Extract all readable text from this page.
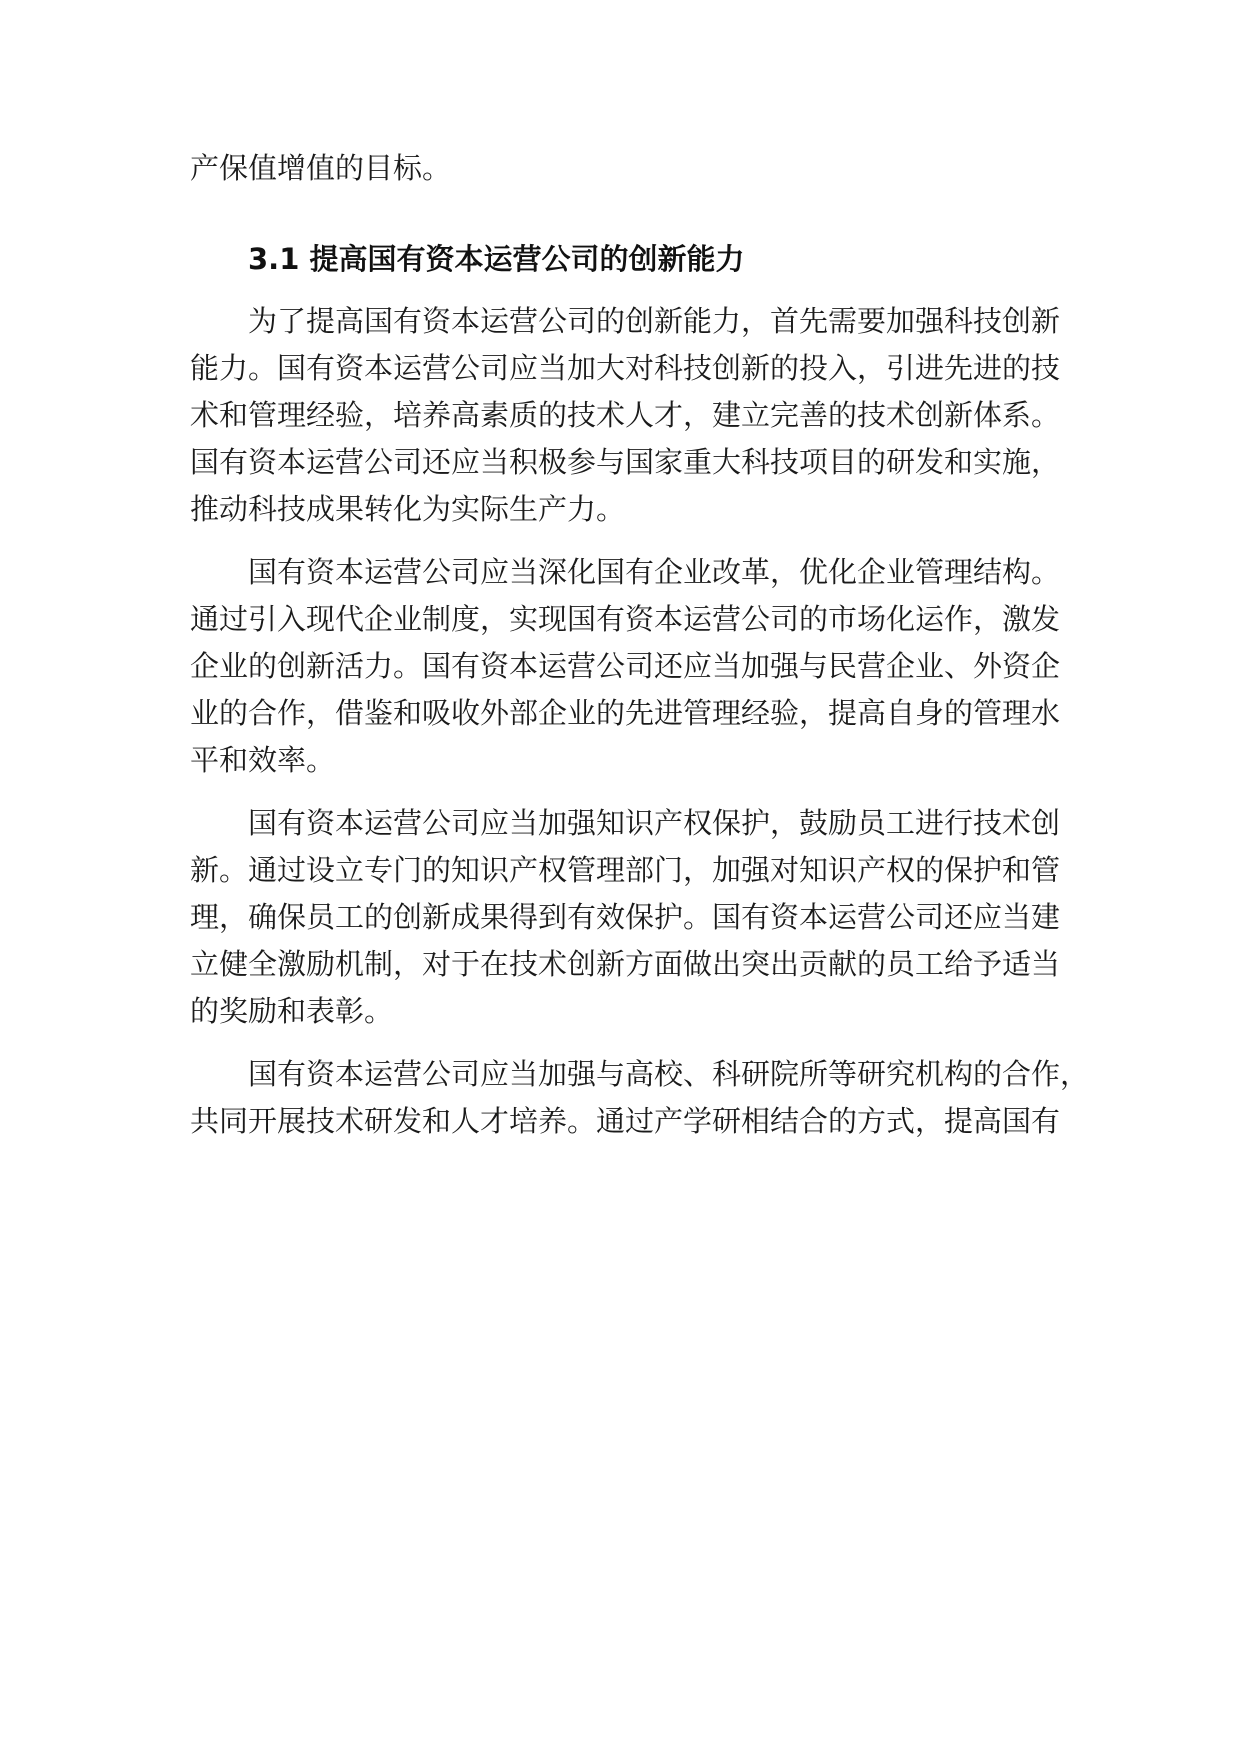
产保值增值的目标。
3.1 提高国有资本运营公司的创新能力
为了提高国有资本运营公司的创新能力，首先需要加强科技创新
能力。国有资本运营公司应当加大对科技创新的投入，引进先进的技
术和管理经验，培养高素质的技术人才，建立完善的技术创新体系。
国有资本运营公司还应当积极参与国家重大科技项目的研发和实施，
推动科技成果转化为实际生产力。
国有资本运营公司应当深化国有企业改革，优化企业管理结构。
通过引入现代企业制度，实现国有资本运营公司的市场化运作，激发
企业的创新活力。国有资本运营公司还应当加强与民营企业、外资企
业的合作，借鉴和吸收外部企业的先进管理经验，提高自身的管理水
平和效率。
国有资本运营公司应当加强知识产权保护，鼓励员工进行技术创
新。通过设立专门的知识产权管理部门，加强对知识产权的保护和管
理，确保员工的创新成果得到有效保护。国有资本运营公司还应当建
立健全激励机制，对于在技术创新方面做出突出贡献的员工给予适当
的奖励和表彰。
国有资本运营公司应当加强与高校、科研院所等研究机构的合作，
共同开展技术研发和人才培养。通过产学研相结合的方式，提高国有
